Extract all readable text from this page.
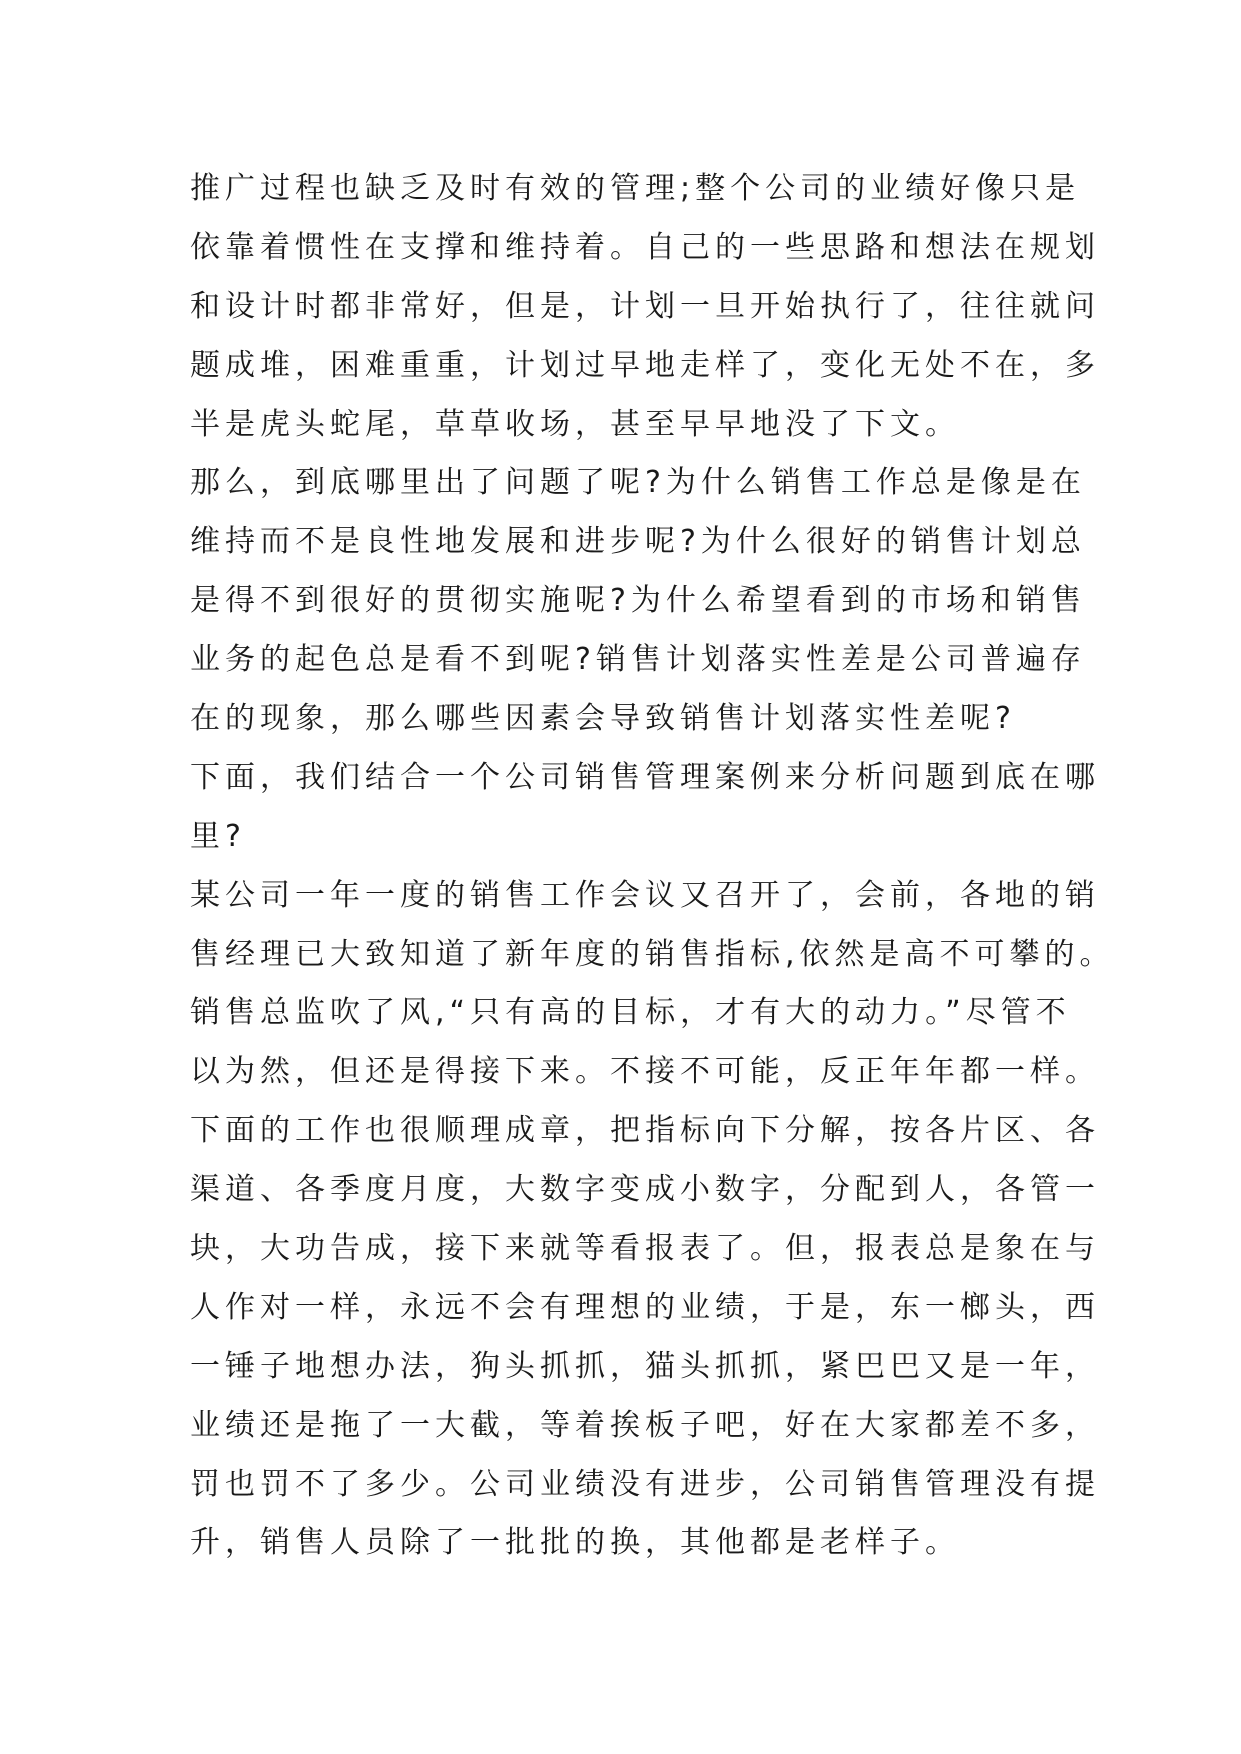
推广过程也缺乏及时有效的管理;整个公司的业绩好像只是
依靠着惯性在支撑和维持着。自己的一些思路和想法在规划
和设计时都非常好，但是，计划一旦开始执行了，往往就问
题成堆，困难重重，计划过早地走样了，变化无处不在，多
半是虎头蛇尾，草草收场，甚至早早地没了下文。
那么，到底哪里出了问题了呢?为什么销售工作总是像是在
维持而不是良性地发展和进步呢?为什么很好的销售计划总
是得不到很好的贯彻实施呢?为什么希望看到的市场和销售
业务的起色总是看不到呢?销售计划落实性差是公司普遍存
在的现象，那么哪些因素会导致销售计划落实性差呢?
下面，我们结合一个公司销售管理案例来分析问题到底在哪
里?
某公司一年一度的销售工作会议又召开了，会前，各地的销
售经理已大致知道了新年度的销售指标,依然是高不可攀的。
销售总监吹了风,“只有高的目标，才有大的动力。”尽管不
以为然，但还是得接下来。不接不可能，反正年年都一样。
下面的工作也很顺理成章，把指标向下分解，按各片区、各
渠道、各季度月度，大数字变成小数字，分配到人，各管一
块，大功告成，接下来就等看报表了。但，报表总是象在与
人作对一样，永远不会有理想的业绩，于是，东一榔头，西
一锤子地想办法，狗头抓抓，猫头抓抓，紧巴巴又是一年，
业绩还是拖了一大截，等着挨板子吧，好在大家都差不多，
罚也罚不了多少。公司业绩没有进步，公司销售管理没有提
升，销售人员除了一批批的换，其他都是老样子。
